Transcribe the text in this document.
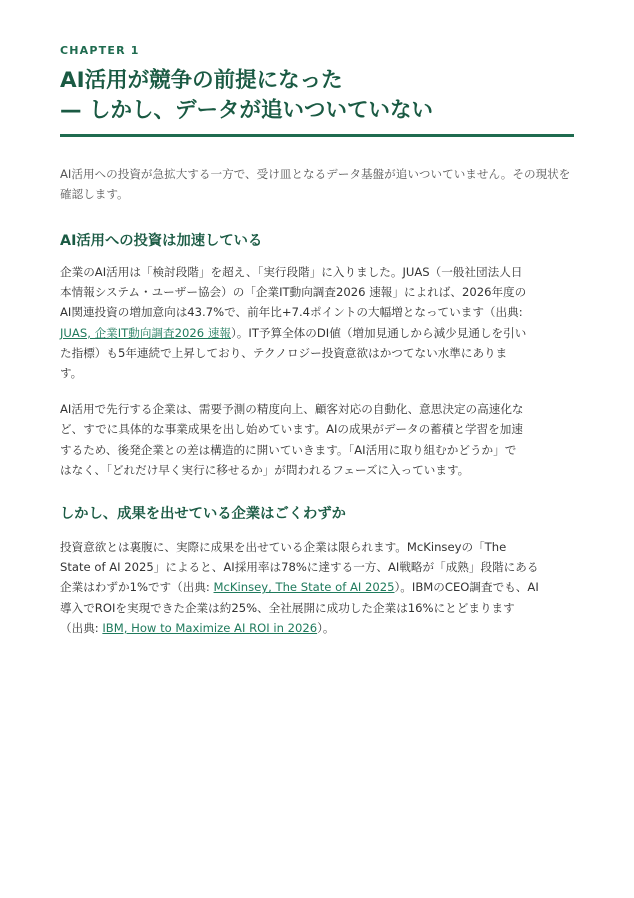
CHAPTER 1
AI活用が競争の前提になった
— しかし、データが追いついていない

AI活用への投資が急拡大する一方で、受け皿となるデータ基盤が追いついていません。その現状を確認します。

AI活用への投資は加速している

企業のAI活用は「検討段階」を超え、「実行段階」に入りました。JUAS（一般社団法人日
本情報システム・ユーザー協会）の「企業IT動向調査2026 速報」によれば、2026年度の
AI関連投資の増加意向は43.7%で、前年比+7.4ポイントの大幅増となっています（出典:
JUAS, 企業IT動向調査2026 速報）。IT予算全体のDI値（増加見通しから減少見通しを引い
た指標）も5年連続で上昇しており、テクノロジー投資意欲はかつてない水準にありま
す。

AI活用で先行する企業は、需要予測の精度向上、顧客対応の自動化、意思決定の高速化な
ど、すでに具体的な事業成果を出し始めています。AIの成果がデータの蓄積と学習を加速
するため、後発企業との差は構造的に開いていきます。「AI活用に取り組むかどうか」で
はなく、「どれだけ早く実行に移せるか」が問われるフェーズに入っています。

しかし、成果を出せている企業はごくわずか

投資意欲とは裏腹に、実際に成果を出せている企業は限られます。McKinseyの「The
State of AI 2025」によると、AI採用率は78%に達する一方、AI戦略が「成熟」段階にある
企業はわずか1%です（出典: McKinsey, The State of AI 2025）。IBMのCEO調査でも、AI
導入でROIを実現できた企業は約25%、全社展開に成功した企業は16%にとどまります
（出典: IBM, How to Maximize AI ROI in 2026）。
